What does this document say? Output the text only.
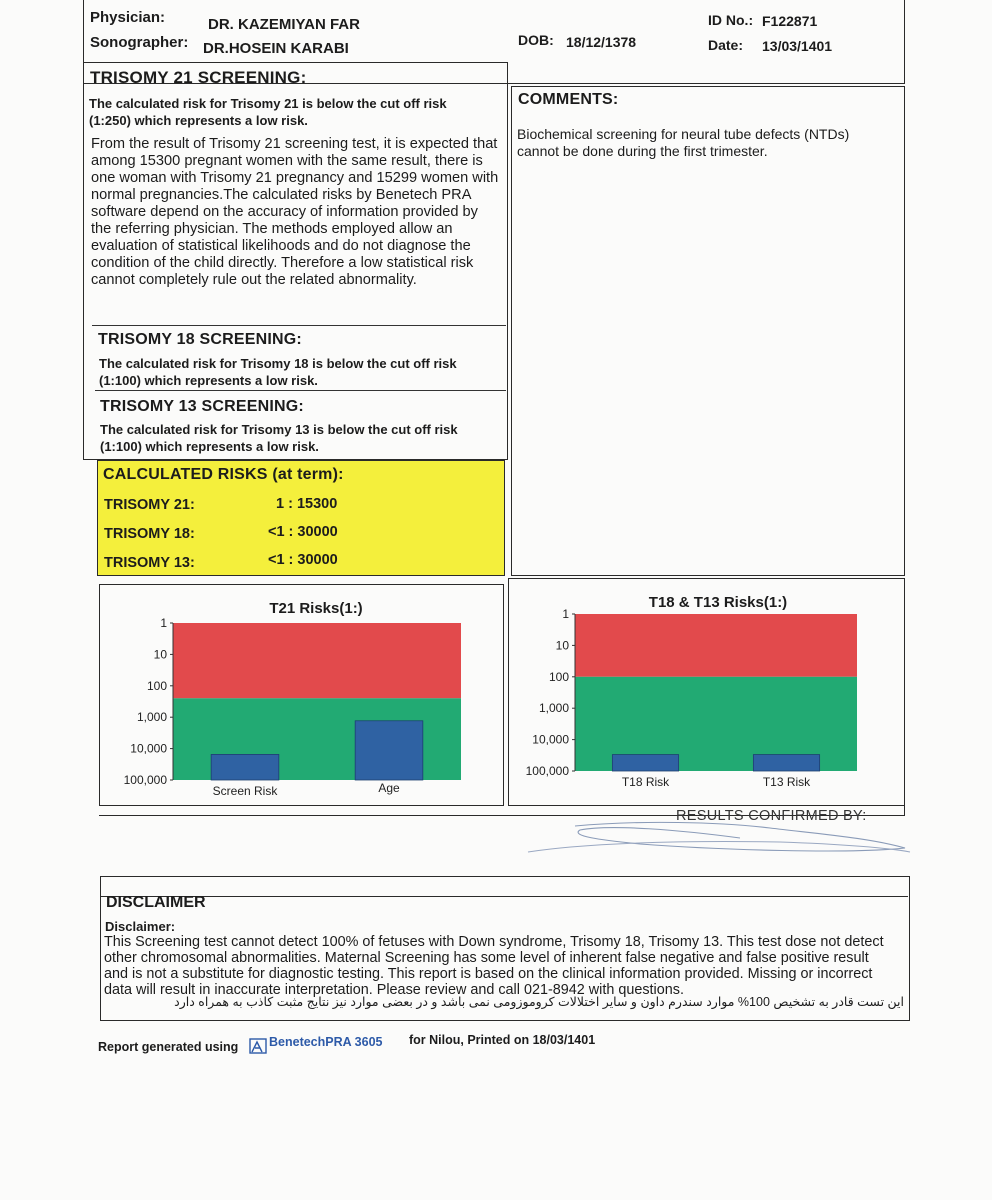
Physician:	DR. KAZEMIYAN FAR
Sonographer: DR.HOSEIN KARABI	DOB: 18/12/1378
ID No.: F122871
Date: 13/03/1401
TRISOMY 21 SCREENING:
The calculated risk for Trisomy 21 is below the cut off risk (1:250) which represents a low risk.
From the result of Trisomy 21 screening test, it is expected that among 15300 pregnant women with the same result, there is one woman with Trisomy 21 pregnancy and 15299 women with normal pregnancies.The calculated risks by Benetech PRA software depend on the accuracy of information provided by the referring physician. The methods employed allow an evaluation of statistical likelihoods and do not diagnose the condition of the child directly. Therefore a low statistical risk cannot completely rule out the related abnormality.
TRISOMY 18 SCREENING:
The calculated risk for Trisomy 18 is below the cut off risk (1:100) which represents a low risk.
TRISOMY 13 SCREENING:
The calculated risk for Trisomy 13 is below the cut off risk (1:100) which represents a low risk.
CALCULATED RISKS (at term):
TRISOMY 21:	1 : 15300
TRISOMY 18:	<1 : 30000
TRISOMY 13:	<1 : 30000
COMMENTS:
Biochemical screening for neural tube defects (NTDs) cannot be done during the first trimester.
T21 Risks(1:)
1
10
100
1,000
10,000
100,000
Screen Risk	Age
T18 & T13 Risks(1:)
1
10
100
1,000
10,000
100,000
T18 Risk	T13 Risk
RESULTS CONFIRMED BY:
DISCLAIMER
Disclaimer:
This Screening test cannot detect 100% of fetuses with Down syndrome, Trisomy 18, Trisomy 13. This test dose not detect other chromosomal abnormalities. Maternal Screening has some level of inherent false negative and false positive result and is not a substitute for diagnostic testing. This report is based on the clinical information provided. Missing or incorrect data will result in inaccurate interpretation. Please review and call 021-8942 with questions.
این تست قادر به تشخیص 100% موارد سندرم داون و سایر اختلالات کروموزومی نمی باشد و در بعضی موارد نیز نتایج مثبت کاذب به همراه دارد
Report generated using BenetechPRA 3605 for Nilou, Printed on 18/03/1401
